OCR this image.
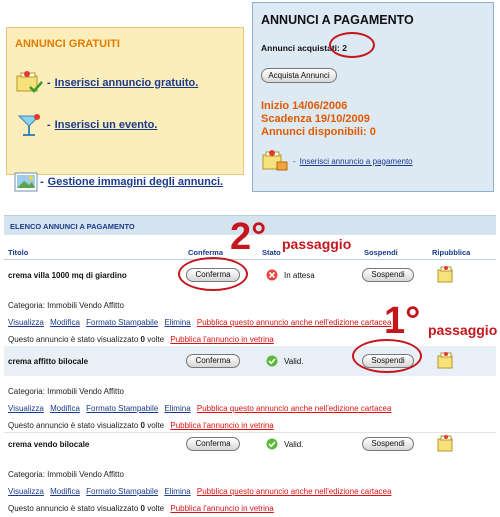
ANNUNCI GRATUITI
- Inserisci annuncio gratuito.
- Inserisci un evento.
- Gestione immagini degli annunci.
ANNUNCI A PAGAMENTO
Annunci acquistati: 2
Acquista Annunci
Inizio 14/06/2006
Scadenza 19/10/2009
Annunci disponibili: 0
- Inserisci annuncio a pagamento
ELENCO ANNUNCI A PAGAMENTO
Titolo	Conferma	Stato	Sospendi	Ripubblica
crema villa 1000 mq di giardino	Conferma	In attesa	Sospendi
Categoria: Immobili Vendo Affitto
Visualizza Modifica Formato Stampabile Elimina Pubblica questo annuncio anche nell'edizione cartacea
Questo annuncio è stato visualizzato 0 volte Pubblica l'annuncio in vetrina
crema affitto bilocale	Conferma	Valid.	Sospendi
Categoria: Immobili Vendo Affitto
Visualizza Modifica Formato Stampabile Elimina Pubblica questo annuncio anche nell'edizione cartacea
Questo annuncio è stato visualizzato 0 volte Pubblica l'annuncio in vetrina
crema vendo bilocale	Conferma	Valid.	Sospendi
Categoria: Immobili Vendo Affitto
Visualizza Modifica Formato Stampabile Elimina Pubblica questo annuncio anche nell'edizione cartacea
Questo annuncio è stato visualizzato 0 volte Pubblica l'annuncio in vetrina
2° passaggio
1° passaggio
